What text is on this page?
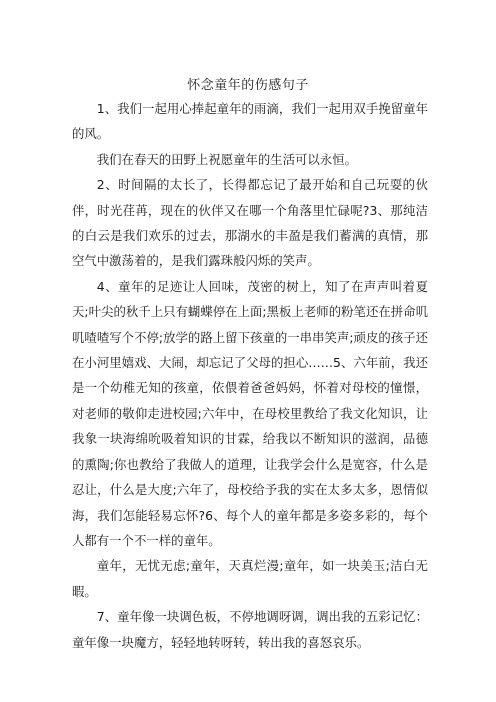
怀念童年的伤感句子

1、我们一起用心捧起童年的雨滴，我们一起用双手挽留童年的风。

我们在春天的田野上祝愿童年的生活可以永恒。

2、时间隔的太长了，长得都忘记了最开始和自己玩耍的伙伴，时光荏苒，现在的伙伴又在哪一个角落里忙碌呢?3、那纯洁的白云是我们欢乐的过去，那湖水的丰盈是我们蓄满的真情，那空气中激荡着的，是我们露珠般闪烁的笑声。

4、童年的足迹让人回味，茂密的树上，知了在声声叫着夏天;叶尖的秋千上只有蝴蝶停在上面;黑板上老师的粉笔还在拼命叽叽喳喳写个不停;放学的路上留下孩童的一串串笑声;顽皮的孩子还在小河里嬉戏、大闹，却忘记了父母的担心……5、六年前，我还是一个幼稚无知的孩童，依偎着爸爸妈妈，怀着对母校的憧憬，对老师的敬仰走进校园;六年中，在母校里教给了我文化知识，让我象一块海绵吮吸着知识的甘霖，给我以不断知识的滋润，品德的熏陶;你也教给了我做人的道理，让我学会什么是宽容，什么是忍让，什么是大度;六年了，母校给予我的实在太多太多，恩情似海，我们怎能轻易忘怀?6、每个人的童年都是多姿多彩的，每个人都有一个不一样的童年。

童年，无忧无虑;童年，天真烂漫;童年，如一块美玉;洁白无暇。

7、童年像一块调色板，不停地调呀调，调出我的五彩记忆：童年像一块魔方，轻轻地转呀转，转出我的喜怒哀乐。
